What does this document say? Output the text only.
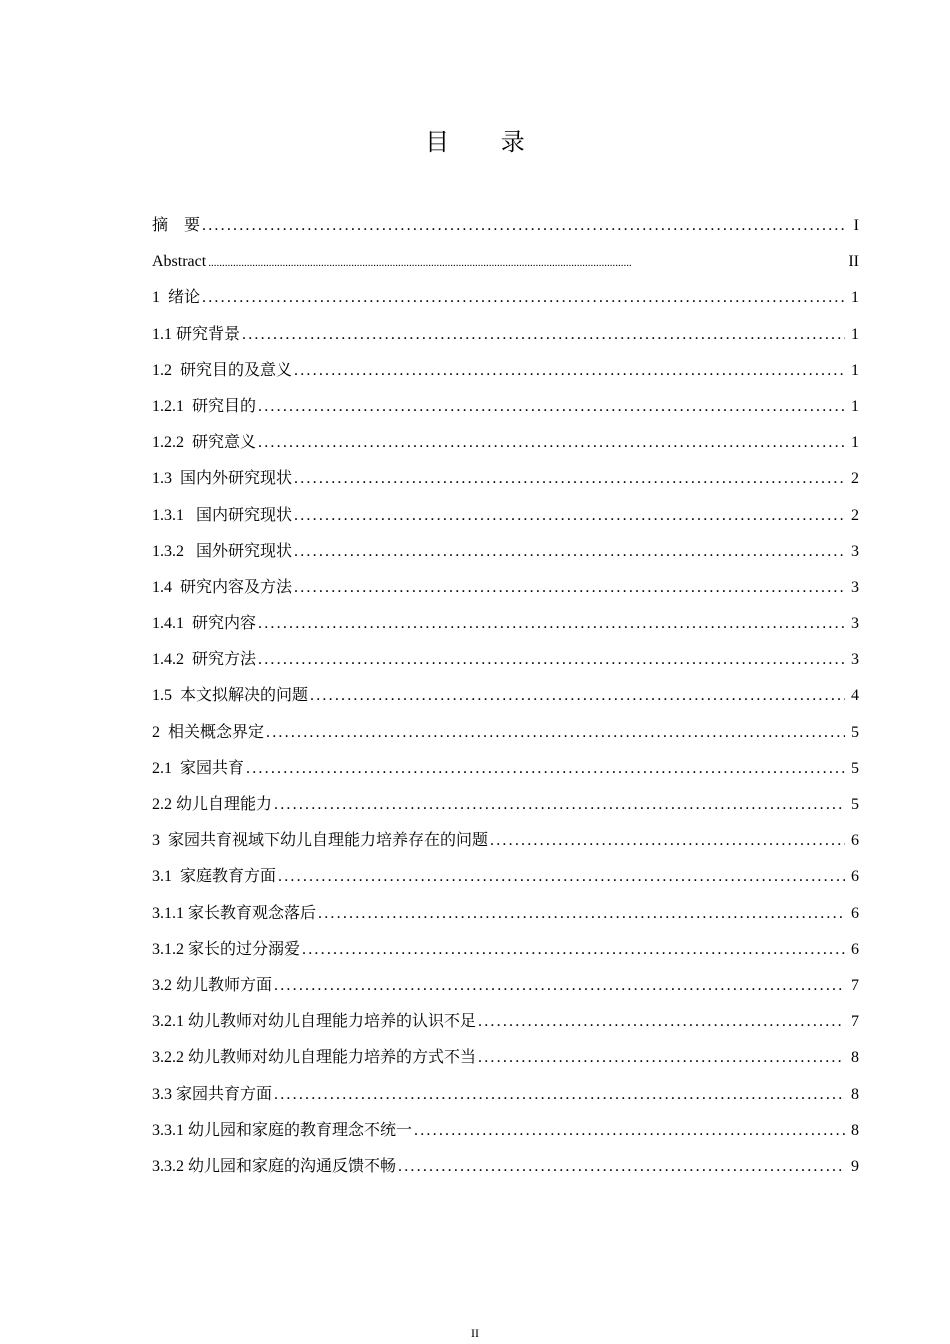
目 录
摘    要 .....	I
Abstract .....	II
1  绪论 .....	1
1.1 研究背景 .....	1
1.2  研究目的及意义 .....	1
1.2.1  研究目的 .....	1
1.2.2  研究意义 .....	1
1.3  国内外研究现状 .....	2
1.3.1   国内研究现状 .....	2
1.3.2   国外研究现状 .....	3
1.4  研究内容及方法 .....	3
1.4.1  研究内容 .....	3
1.4.2  研究方法 .....	3
1.5  本文拟解决的问题 .....	4
2  相关概念界定 .....	5
2.1  家园共育 .....	5
2.2 幼儿自理能力 .....	5
3  家园共育视域下幼儿自理能力培养存在的问题 .....	6
3.1  家庭教育方面 .....	6
3.1.1 家长教育观念落后 .....	6
3.1.2 家长的过分溺爱 .....	6
3.2 幼儿教师方面 .....	7
3.2.1 幼儿教师对幼儿自理能力培养的认识不足 .....	7
3.2.2 幼儿教师对幼儿自理能力培养的方式不当 .....	8
3.3 家园共育方面 .....	8
3.3.1 幼儿园和家庭的教育理念不统一 .....	8
3.3.2 幼儿园和家庭的沟通反馈不畅 .....	9
II
